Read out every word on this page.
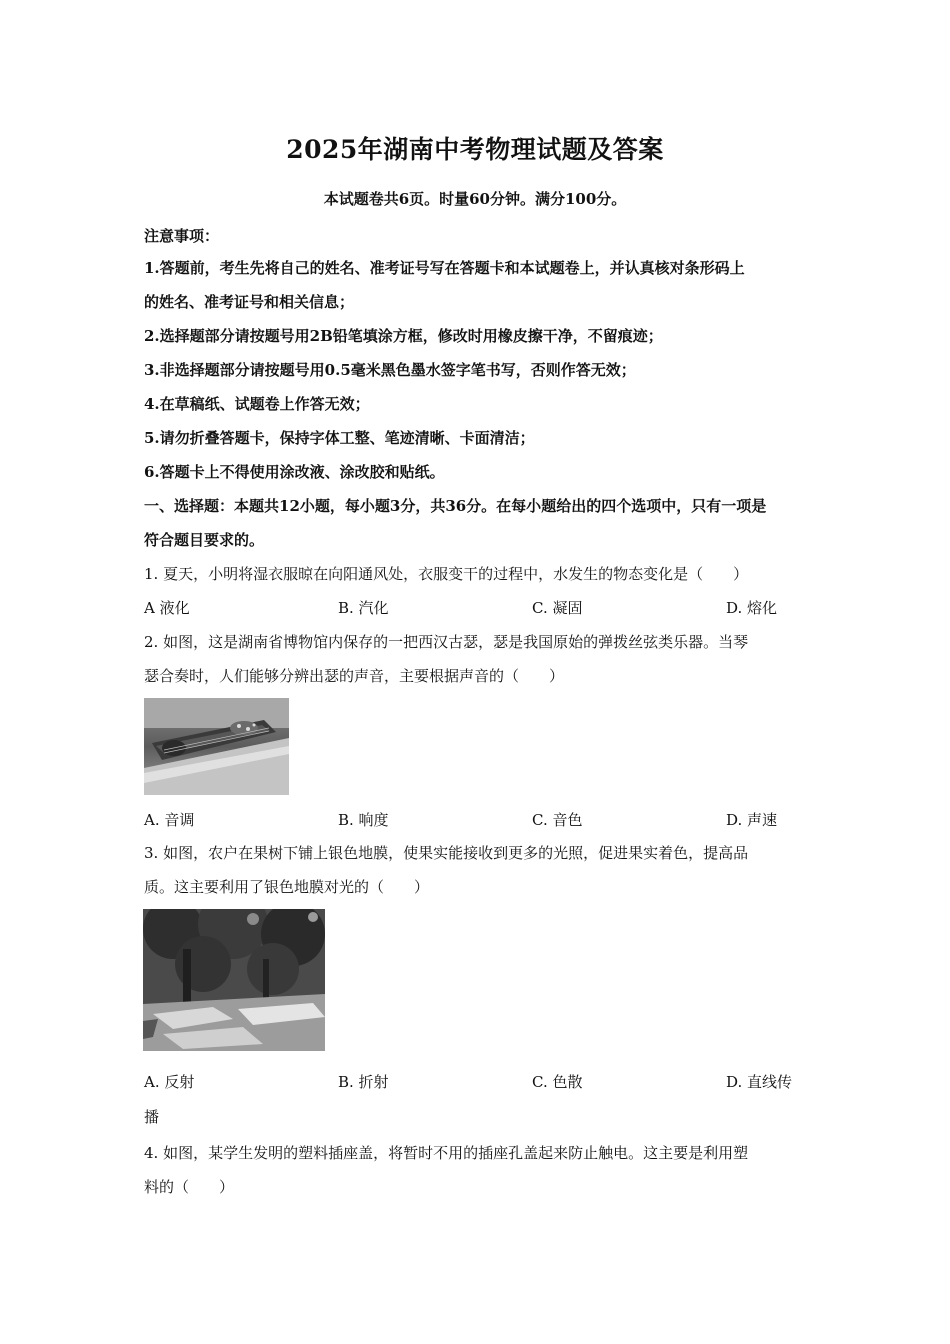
2025年湖南中考物理试题及答案
本试题卷共6页。时量60分钟。满分100分。
注意事项：
1.答题前，考生先将自己的姓名、准考证号写在答题卡和本试题卷上，并认真核对条形码上
的姓名、准考证号和相关信息；
2.选择题部分请按题号用2B铅笔填涂方框，修改时用橡皮擦干净，不留痕迹；
3.非选择题部分请按题号用0.5毫米黑色墨水签字笔书写，否则作答无效；
4.在草稿纸、试题卷上作答无效；
5.请勿折叠答题卡，保持字体工整、笔迹清晰、卡面清洁；
6.答题卡上不得使用涂改液、涂改胶和贴纸。
一、选择题：本题共12小题，每小题3分，共36分。在每小题给出的四个选项中，只有一项是
符合题目要求的。
1. 夏天，小明将湿衣服晾在向阳通风处，衣服变干的过程中，水发生的物态变化是（　　）
A 液化	B. 汽化	C. 凝固	D. 熔化
2. 如图，这是湖南省博物馆内保存的一把西汉古瑟，瑟是我国原始的弹拨丝弦类乐器。当琴
瑟合奏时，人们能够分辨出瑟的声音，主要根据声音的（　　）
A. 音调	B. 响度	C. 音色	D. 声速
3. 如图，农户在果树下铺上银色地膜，使果实能接收到更多的光照，促进果实着色，提高品
质。这主要利用了银色地膜对光的（　　）
A. 反射	B. 折射	C. 色散	D. 直线传
播
4. 如图，某学生发明的塑料插座盖，将暂时不用的插座孔盖起来防止触电。这主要是利用塑
料的（　　）
